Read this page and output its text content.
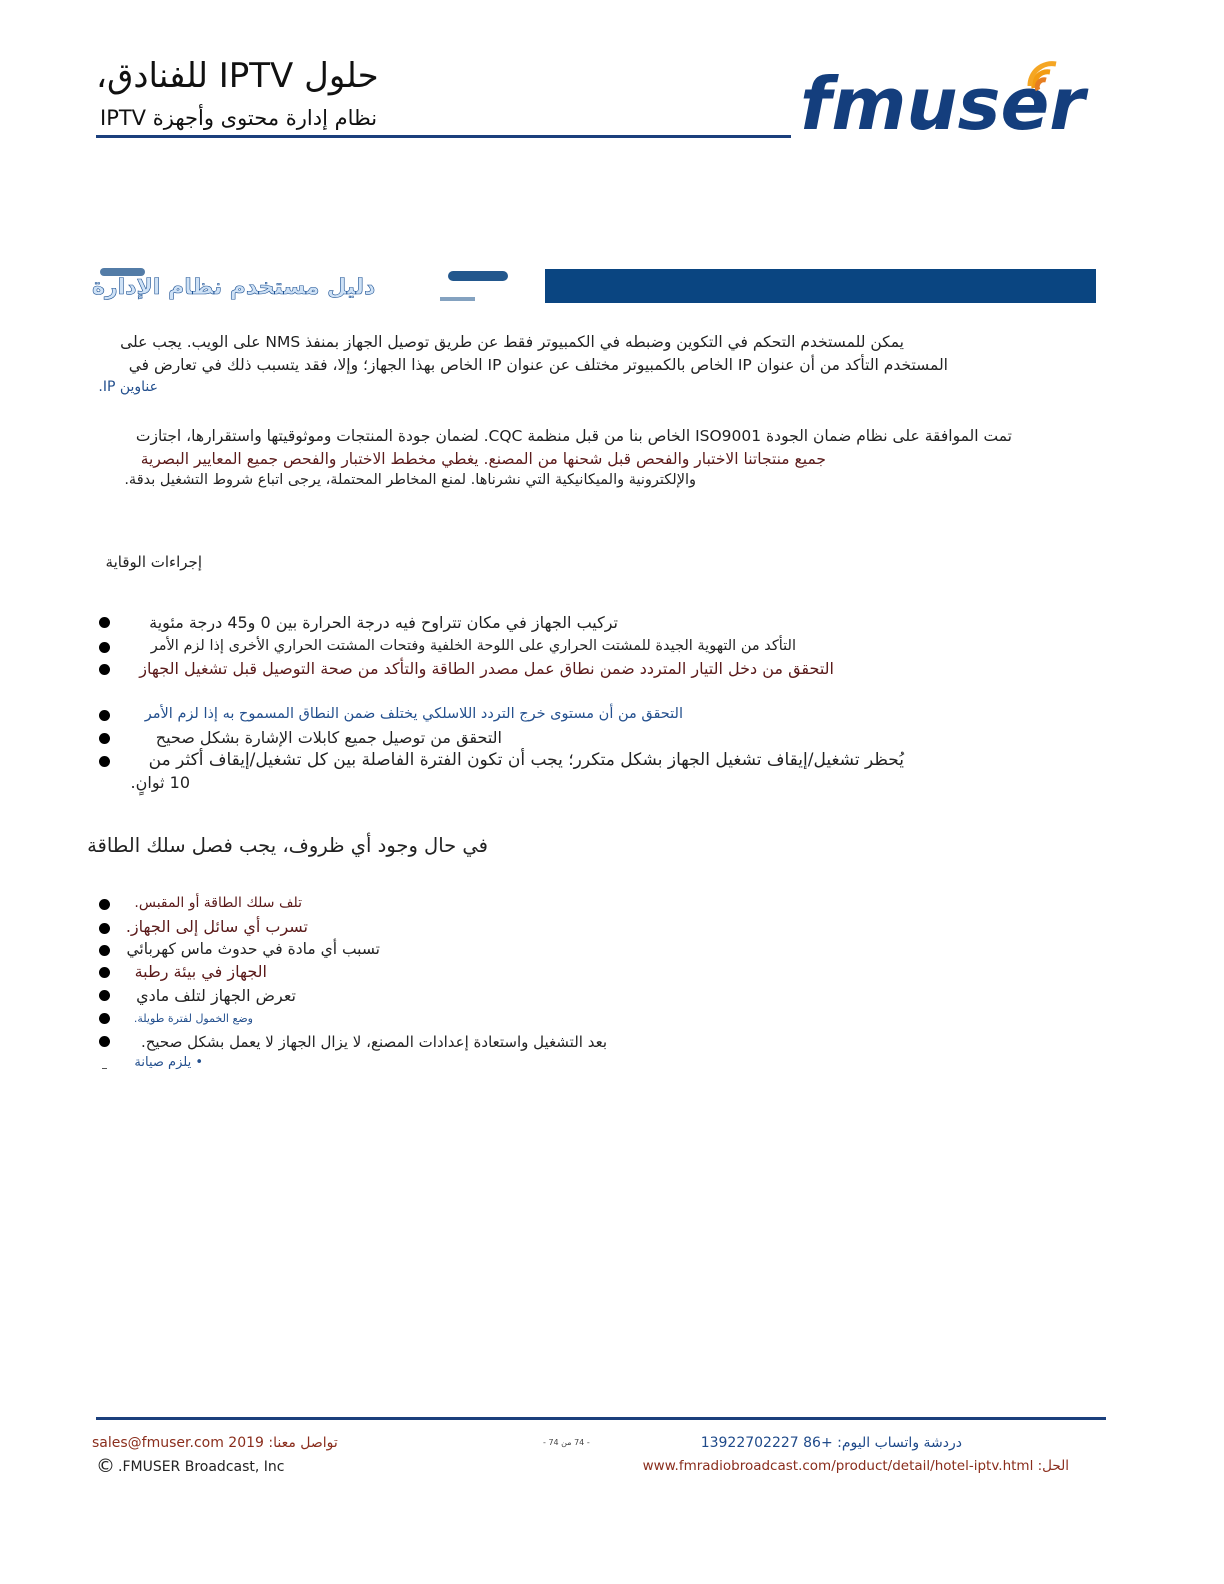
حلول IPTV للفنادق،
نظام إدارة محتوى وأجهزة IPTV	fmuser
دليل مستخدم نظام الإدارة
يمكن للمستخدم التحكم في التكوين وضبطه في الكمبيوتر فقط عن طريق توصيل الجهاز بمنفذ NMS على الويب. يجب على
المستخدم التأكد من أن عنوان IP الخاص بالكمبيوتر مختلف عن عنوان IP الخاص بهذا الجهاز؛ وإلا، فقد يتسبب ذلك في تعارض في
عناوين IP.
تمت الموافقة على نظام ضمان الجودة ISO9001 الخاص بنا من قبل منظمة CQC. لضمان جودة المنتجات وموثوقيتها واستقرارها، اجتازت
جميع منتجاتنا الاختبار والفحص قبل شحنها من المصنع. يغطي مخطط الاختبار والفحص جميع المعايير البصرية
والإلكترونية والميكانيكية التي نشرناها. لمنع المخاطر المحتملة، يرجى اتباع شروط التشغيل بدقة.
إجراءات الوقاية
تركيب الجهاز في مكان تتراوح فيه درجة الحرارة بين 0 و45 درجة مئوية
التأكد من التهوية الجيدة للمشتت الحراري على اللوحة الخلفية وفتحات المشتت الحراري الأخرى إذا لزم الأمر
التحقق من دخل التيار المتردد ضمن نطاق عمل مصدر الطاقة والتأكد من صحة التوصيل قبل تشغيل الجهاز
التحقق من أن مستوى خرج التردد اللاسلكي يختلف ضمن النطاق المسموح به إذا لزم الأمر
التحقق من توصيل جميع كابلات الإشارة بشكل صحيح
يُحظر تشغيل/إيقاف تشغيل الجهاز بشكل متكرر؛ يجب أن تكون الفترة الفاصلة بين كل تشغيل/إيقاف أكثر من
10 ثوانٍ.
في حال وجود أي ظروف، يجب فصل سلك الطاقة
تلف سلك الطاقة أو المقبس.
تسرب أي سائل إلى الجهاز.
تسبب أي مادة في حدوث ماس كهربائي
الجهاز في بيئة رطبة
تعرض الجهاز لتلف مادي
وضع الخمول لفترة طويلة.
بعد التشغيل واستعادة إعدادات المصنع، لا يزال الجهاز لا يعمل بشكل صحيح.
• يلزم صيانة
sales@fmuser.com 2019 :تواصل معنا
© .FMUSER Broadcast, Inc
- 74 من 74 -	دردشة واتساب اليوم: +86 13922702227
الحل: www.fmradiobroadcast.com/product/detail/hotel-iptv.html
